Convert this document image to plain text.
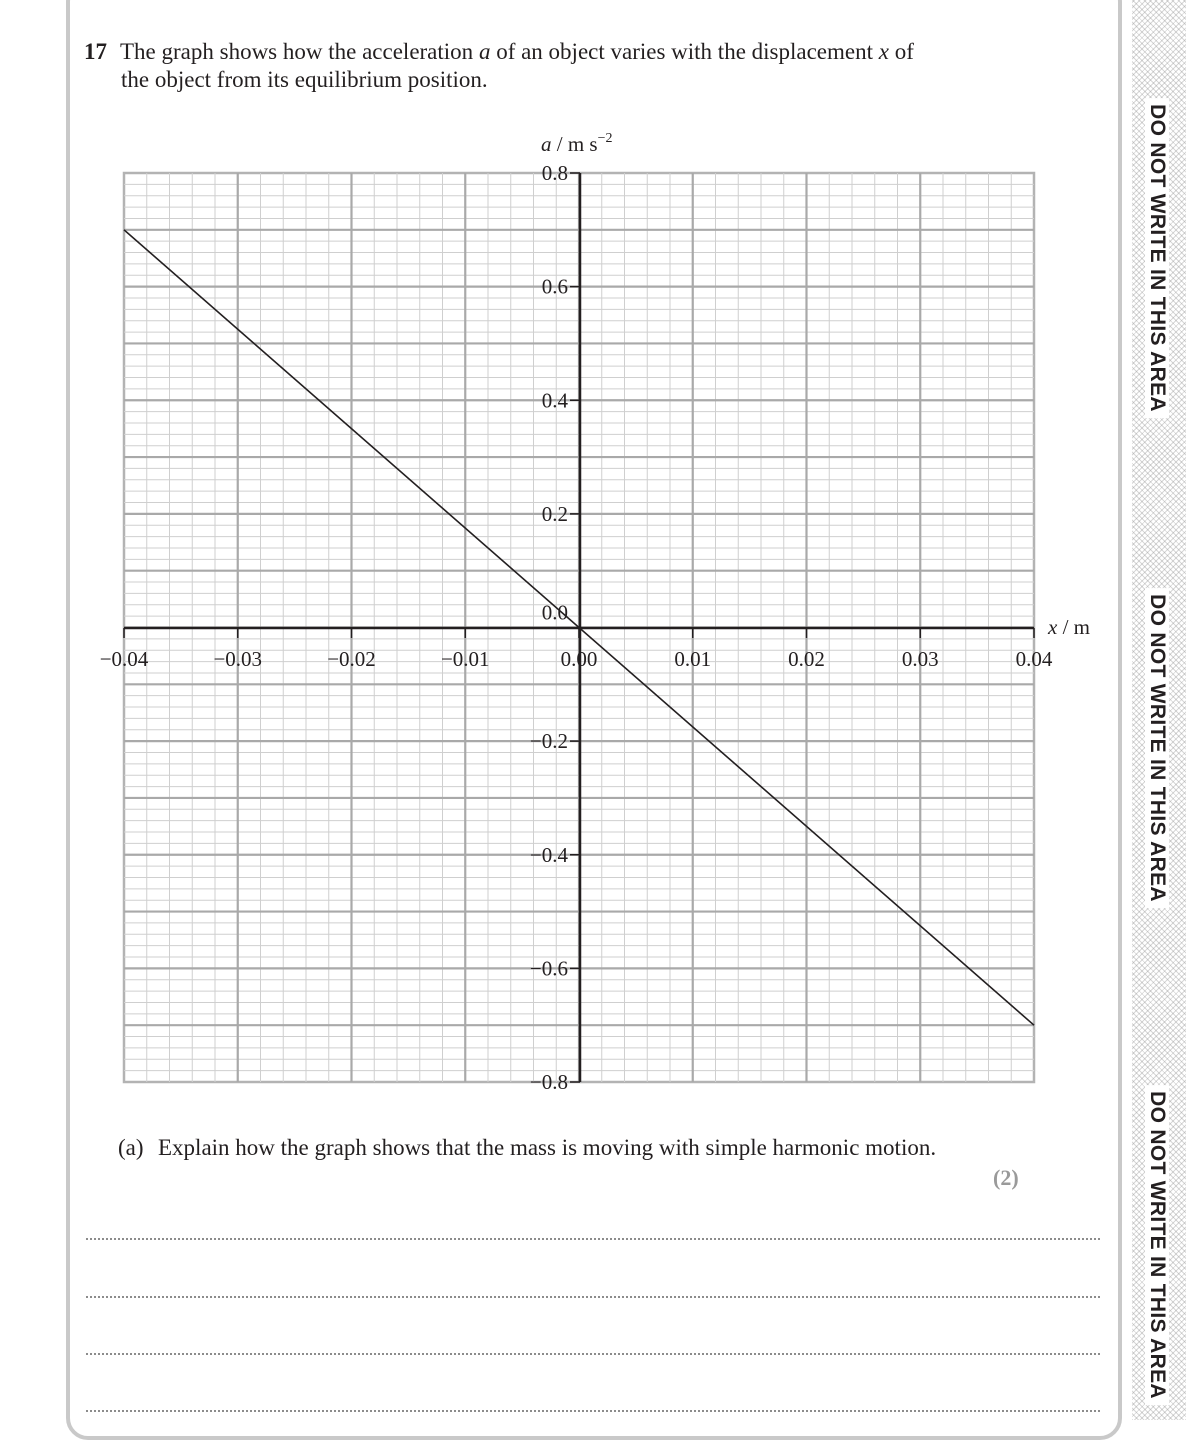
DO NOT WRITE IN THIS AREA
DO NOT WRITE IN THIS AREA
DO NOT WRITE IN THIS AREA
17 The graph shows how the acceleration a of an object varies with the displacement x of
the object from its equilibrium position.
−0.04	−0.03	−0.02	−0.01	0.00	0.01	0.02	0.03	0.04
0.8
0.6
0.4
0.2
0.0
−0.2
−0.4
−0.6
−0.8
a / m $s^{-2}$
x / m
(a) Explain how the graph shows that the mass is moving with simple harmonic motion.
(2)
